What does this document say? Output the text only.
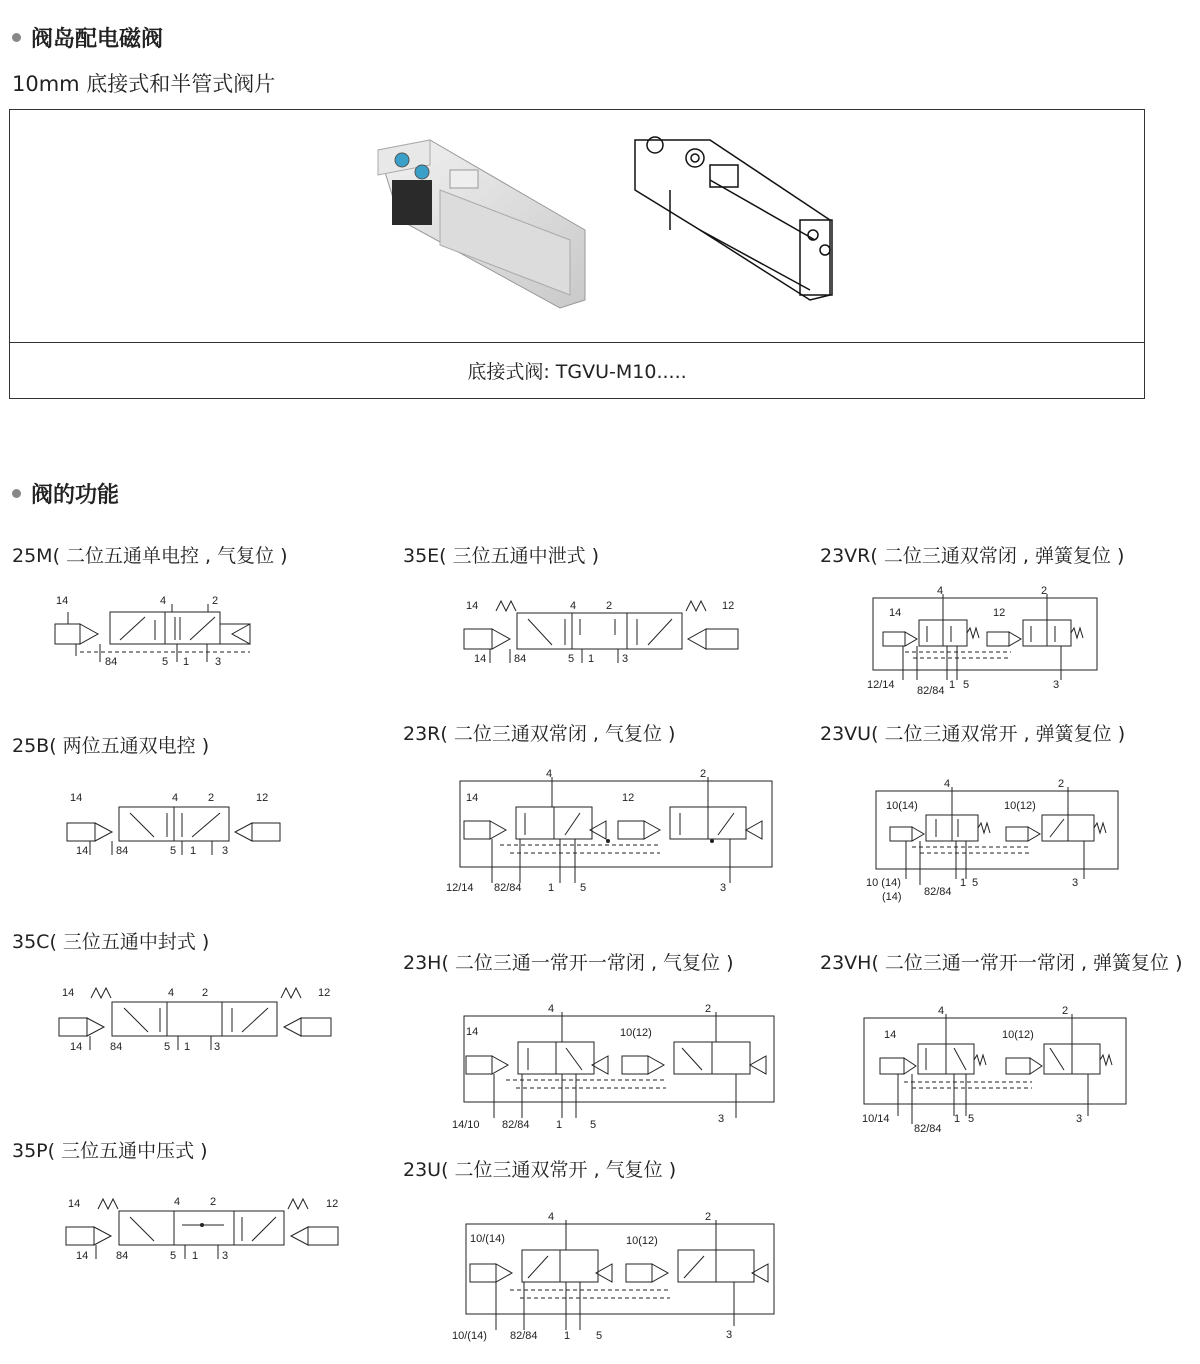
阀岛配电磁阀
10mm 底接式和半管式阀片
底接式阀: TGVU-M10.....
阀的功能
25M( 二位五通单电控 , 气复位 )
25B( 两位五通双电控 )
35C( 三位五通中封式 )
35P( 三位五通中压式 )
35E( 三位五通中泄式 )
23R( 二位三通双常闭 , 气复位 )
23H( 二位三通一常开一常闭 , 气复位 )
23U( 二位三通双常开 , 气复位 )
23VR( 二位三通双常闭 , 弹簧复位 )
23VU( 二位三通双常开 , 弹簧复位 )
23VH( 二位三通一常开一常闭 , 弹簧复位 )
14	4	2
84	5 1 3
14	4	2	12
14	84	5 1 3
14	4	2	12
14	84	5 1 3
14	4	2	12
14	84	5 1 3
14	4	2	12
14	84	5 1	3
4	2
14	12
12/14 82/84 1 5	3
4	2
14	10(12)
14/10 82/84 1	5	3
4	2
10/(14)	10(12)
10/(14) 82/84 1 5	3
4	2
14	12
12/14 82/84 1 5	3
4	2
10(14)	10(12)
10 (14)
(14) 82/84
1 5	3
4	2
14	10(12)
10/14
82/84
1 5	3
